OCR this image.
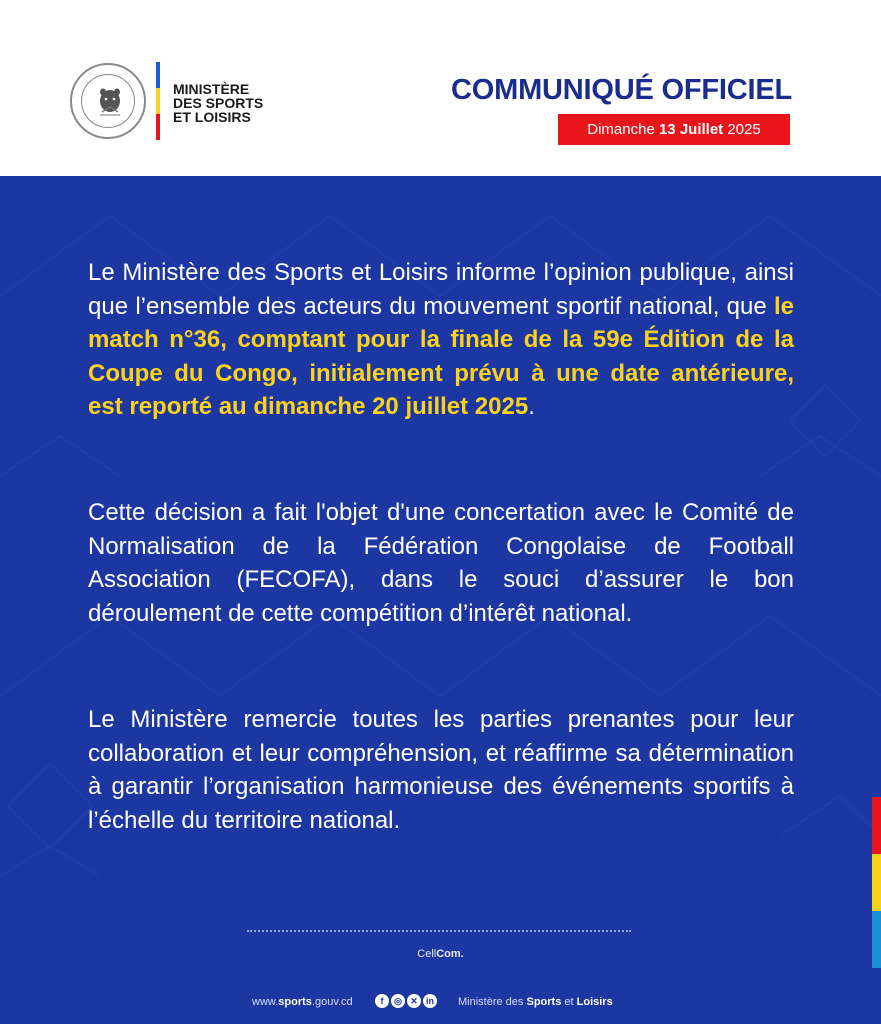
MINISTÈRE
DES SPORTS
ET LOISIRS
COMMUNIQUÉ OFFICIEL
Dimanche 13 Juillet 2025
Le Ministère des Sports et Loisirs informe l’opinion publique, ainsi que l’ensemble des acteurs du mouvement sportif national, que le match n°36, comptant pour la finale de la 59e Édition de la Coupe du Congo, initialement prévu à une date antérieure, est reporté au dimanche 20 juillet 2025.
Cette décision a fait l'objet d'une concertation avec le Comité de Normalisation de la Fédération Congolaise de Football Association (FECOFA), dans le souci d’assurer le bon déroulement de cette compétition d’intérêt national.
Le Ministère remercie toutes les parties prenantes pour leur collaboration et leur compréhension, et réaffirme sa détermination à garantir l’organisation harmonieuse des événements sportifs à l’échelle du territoire national.
CellCom.
www.sports.gouv.cd	f ◎ ✕ in	Ministère des Sports et Loisirs
